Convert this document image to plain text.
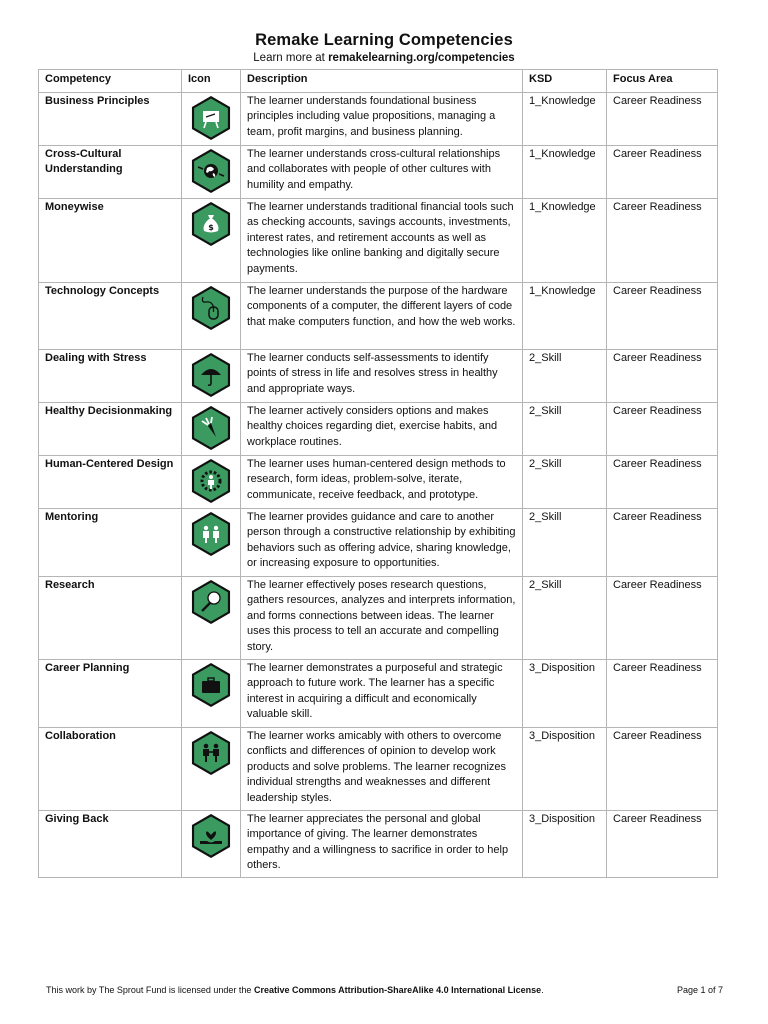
Remake Learning Competencies
Learn more at remakelearning.org/competencies
Competency	Icon	Description	KSD	Focus Area
Business Principles		The learner understands foundational business principles including value propositions, managing a team, profit margins, and business planning.	1_Knowledge	Career Readiness
Cross-Cultural Understanding		The learner understands cross-cultural relationships and collaborates with people of other cultures with humility and empathy.	1_Knowledge	Career Readiness
Moneywise	$	The learner understands traditional financial tools such as checking accounts, savings accounts, investments, interest rates, and retirement accounts as well as technologies like online banking and digitally secure payments.	1_Knowledge	Career Readiness
Technology Concepts		The learner understands the purpose of the hardware components of a computer, the different layers of code that make computers function, and how the web works.	1_Knowledge	Career Readiness
Dealing with Stress		The learner conducts self-assessments to identify points of stress in life and resolves stress in healthy and appropriate ways.	2_Skill	Career Readiness
Healthy Decisionmaking		The learner actively considers options and makes healthy choices regarding diet, exercise habits, and workplace routines.	2_Skill	Career Readiness
Human-Centered Design		The learner uses human-centered design methods to research, form ideas, problem-solve, iterate, communicate, receive feedback, and prototype.	2_Skill	Career Readiness
Mentoring		The learner provides guidance and care to another person through a constructive relationship by exhibiting behaviors such as offering advice, sharing knowledge, or increasing exposure to opportunities.	2_Skill	Career Readiness
Research		The learner effectively poses research questions, gathers resources, analyzes and interprets information, and forms connections between ideas. The learner uses this process to tell an accurate and compelling story.	2_Skill	Career Readiness
Career Planning		The learner demonstrates a purposeful and strategic approach to future work. The learner has a specific interest in acquiring a difficult and economically valuable skill.	3_Disposition	Career Readiness
Collaboration		The learner works amicably with others to overcome conflicts and differences of opinion to develop work products and solve problems. The learner recognizes individual strengths and weaknesses and different leadership styles.	3_Disposition	Career Readiness
Giving Back		The learner appreciates the personal and global importance of giving. The learner demonstrates empathy and a willingness to sacrifice in order to help others.	3_Disposition	Career Readiness
This work by The Sprout Fund is licensed under the Creative Commons Attribution-ShareAlike 4.0 International License.	Page 1 of 7
